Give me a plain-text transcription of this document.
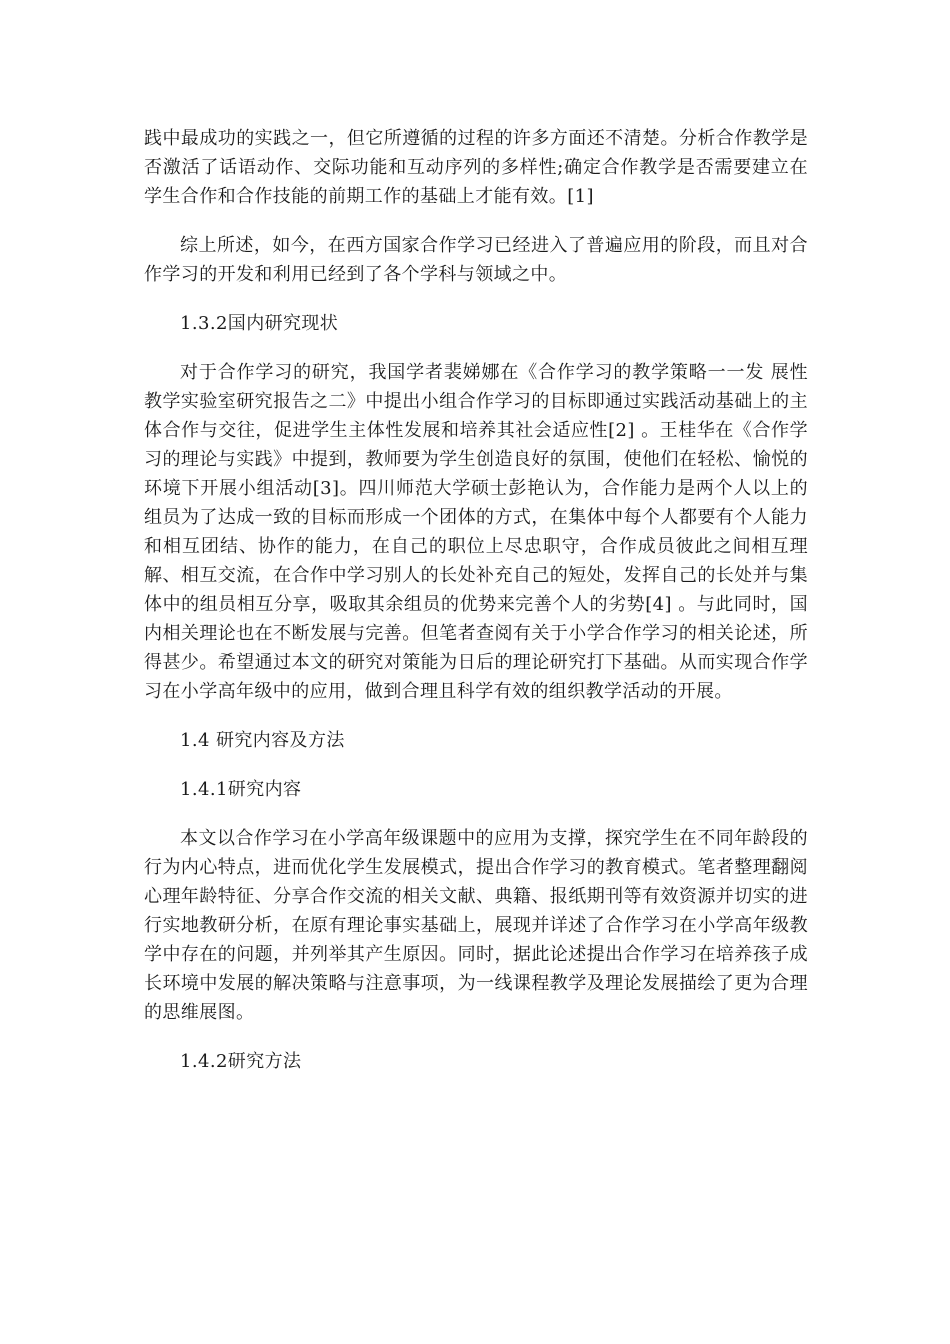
践中最成功的实践之一，但它所遵循的过程的许多方面还不清楚。分析合作教学是否激活了话语动作、交际功能和互动序列的多样性;确定合作教学是否需要建立在学生合作和合作技能的前期工作的基础上才能有效。[1]

综上所述，如今，在西方国家合作学习已经进入了普遍应用的阶段，而且对合作学习的开发和利用已经到了各个学科与领域之中。

1.3.2国内研究现状

对于合作学习的研究，我国学者裴娣娜在《合作学习的教学策略一一发 展性教学实验室研究报告之二》中提出小组合作学习的目标即通过实践活动基础上的主体合作与交往，促进学生主体性发展和培养其社会适应性[2] 。王桂华在《合作学习的理论与实践》中提到，教师要为学生创造良好的氛围，使他们在轻松、愉悦的环境下开展小组活动[3]。四川师范大学硕士彭艳认为，合作能力是两个人以上的组员为了达成一致的目标而形成一个团体的方式，在集体中每个人都要有个人能力和相互团结、协作的能力，在自己的职位上尽忠职守，合作成员彼此之间相互理解、相互交流，在合作中学习别人的长处补充自己的短处，发挥自己的长处并与集体中的组员相互分享，吸取其余组员的优势来完善个人的劣势[4] 。与此同时，国内相关理论也在不断发展与完善。但笔者查阅有关于小学合作学习的相关论述，所得甚少。希望通过本文的研究对策能为日后的理论研究打下基础。从而实现合作学习在小学高年级中的应用，做到合理且科学有效的组织教学活动的开展。

1.4 研究内容及方法

1.4.1研究内容

本文以合作学习在小学高年级课题中的应用为支撑，探究学生在不同年龄段的行为内心特点，进而优化学生发展模式，提出合作学习的教育模式。笔者整理翻阅心理年龄特征、分享合作交流的相关文献、典籍、报纸期刊等有效资源并切实的进行实地教研分析，在原有理论事实基础上，展现并详述了合作学习在小学高年级教学中存在的问题，并列举其产生原因。同时，据此论述提出合作学习在培养孩子成长环境中发展的解决策略与注意事项，为一线课程教学及理论发展描绘了更为合理的思维展图。

1.4.2研究方法
